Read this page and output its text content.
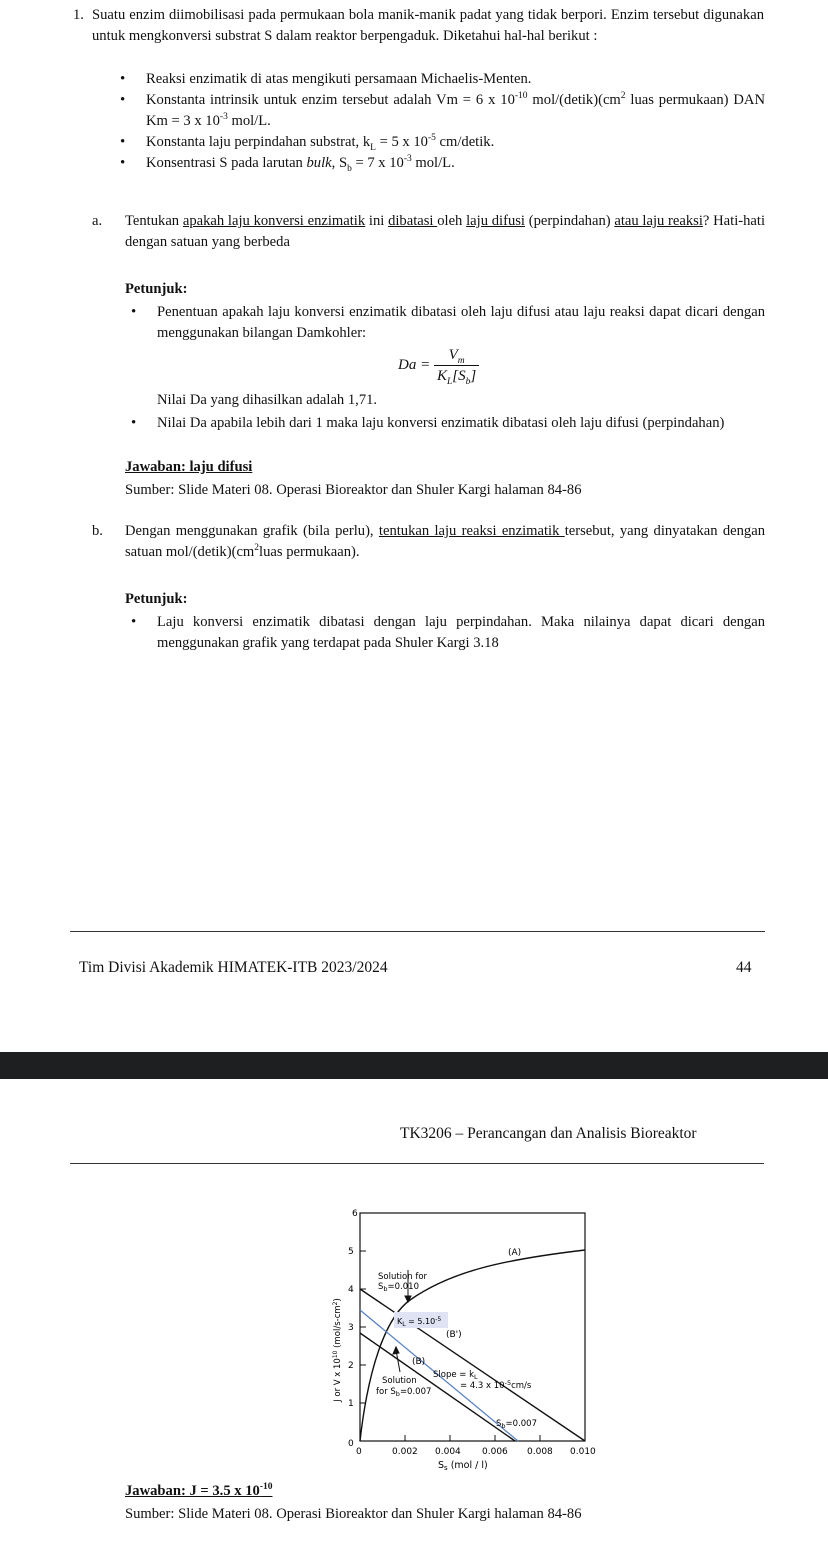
1. Suatu enzim diimobilisasi pada permukaan bola manik-manik padat yang tidak berpori. Enzim tersebut digunakan untuk mengkonversi substrat S dalam reaktor berpengaduk. Diketahui hal-hal berikut :
• Reaksi enzimatik di atas mengikuti persamaan Michaelis-Menten.
• Konstanta intrinsik untuk enzim tersebut adalah Vm = 6 x $10^{-10}$ mol/$(detik)(cm^2$ luas permukaan) DAN Km = 3 x $10^{-3}$ mol/L.
• Konstanta laju perpindahan substrat, $k_L = 5$ x $10^{-5}$ cm/detik.
• Konsentrasi S pada larutan bulk, $S_b = 7$ x $10^{-3}$ mol/L.
a. Tentukan apakah laju konversi enzimatik ini dibatasi oleh laju difusi (perpindahan) atau laju reaksi? Hati-hati dengan satuan yang berbeda
Petunjuk:
• Penentuan apakah laju konversi enzimatik dibatasi oleh laju difusi atau laju reaksi dapat dicari dengan menggunakan bilangan Damkohler:
$Da = \frac{V_m}{K_L[S_b]}$
Nilai Da yang dihasilkan adalah 1,71.
• Nilai Da apabila lebih dari 1 maka laju konversi enzimatik dibatasi oleh laju difusi (perpindahan)
Jawaban: laju difusi
Sumber: Slide Materi 08. Operasi Bioreaktor dan Shuler Kargi halaman 84-86
b. Dengan menggunakan grafik (bila perlu), tentukan laju reaksi enzimatik tersebut, yang dinyatakan dengan satuan mol/$(detik)(cm^2luas$ permukaan).
Petunjuk:
• Laju konversi enzimatik dibatasi dengan laju perpindahan. Maka nilainya dapat dicari dengan menggunakan grafik yang terdapat pada Shuler Kargi 3.18
Tim Divisi Akademik HIMATEK-ITB 2023/2024	44
TK3206 – Perancangan dan Analisis Bioreaktor
6
5
4
3
2
1
0
J or V x $10^{10}$ $(mol/s-cm^2)$
0	0.002 0.004 0.006 0.008 0.010
$S_s$ (mol / l)
(A)
(B')
(B)
Solution for
$S_b=0.010$
$K_L = 5.10^{-5}$
Solution
for $S_b=0.007$
Slope = $k_L$
= 4.3 x $10^{-5}cm/s$
$S_b=0.007$
Jawaban: J = 3.5 x $10^{-10}$
Sumber: Slide Materi 08. Operasi Bioreaktor dan Shuler Kargi halaman 84-86
